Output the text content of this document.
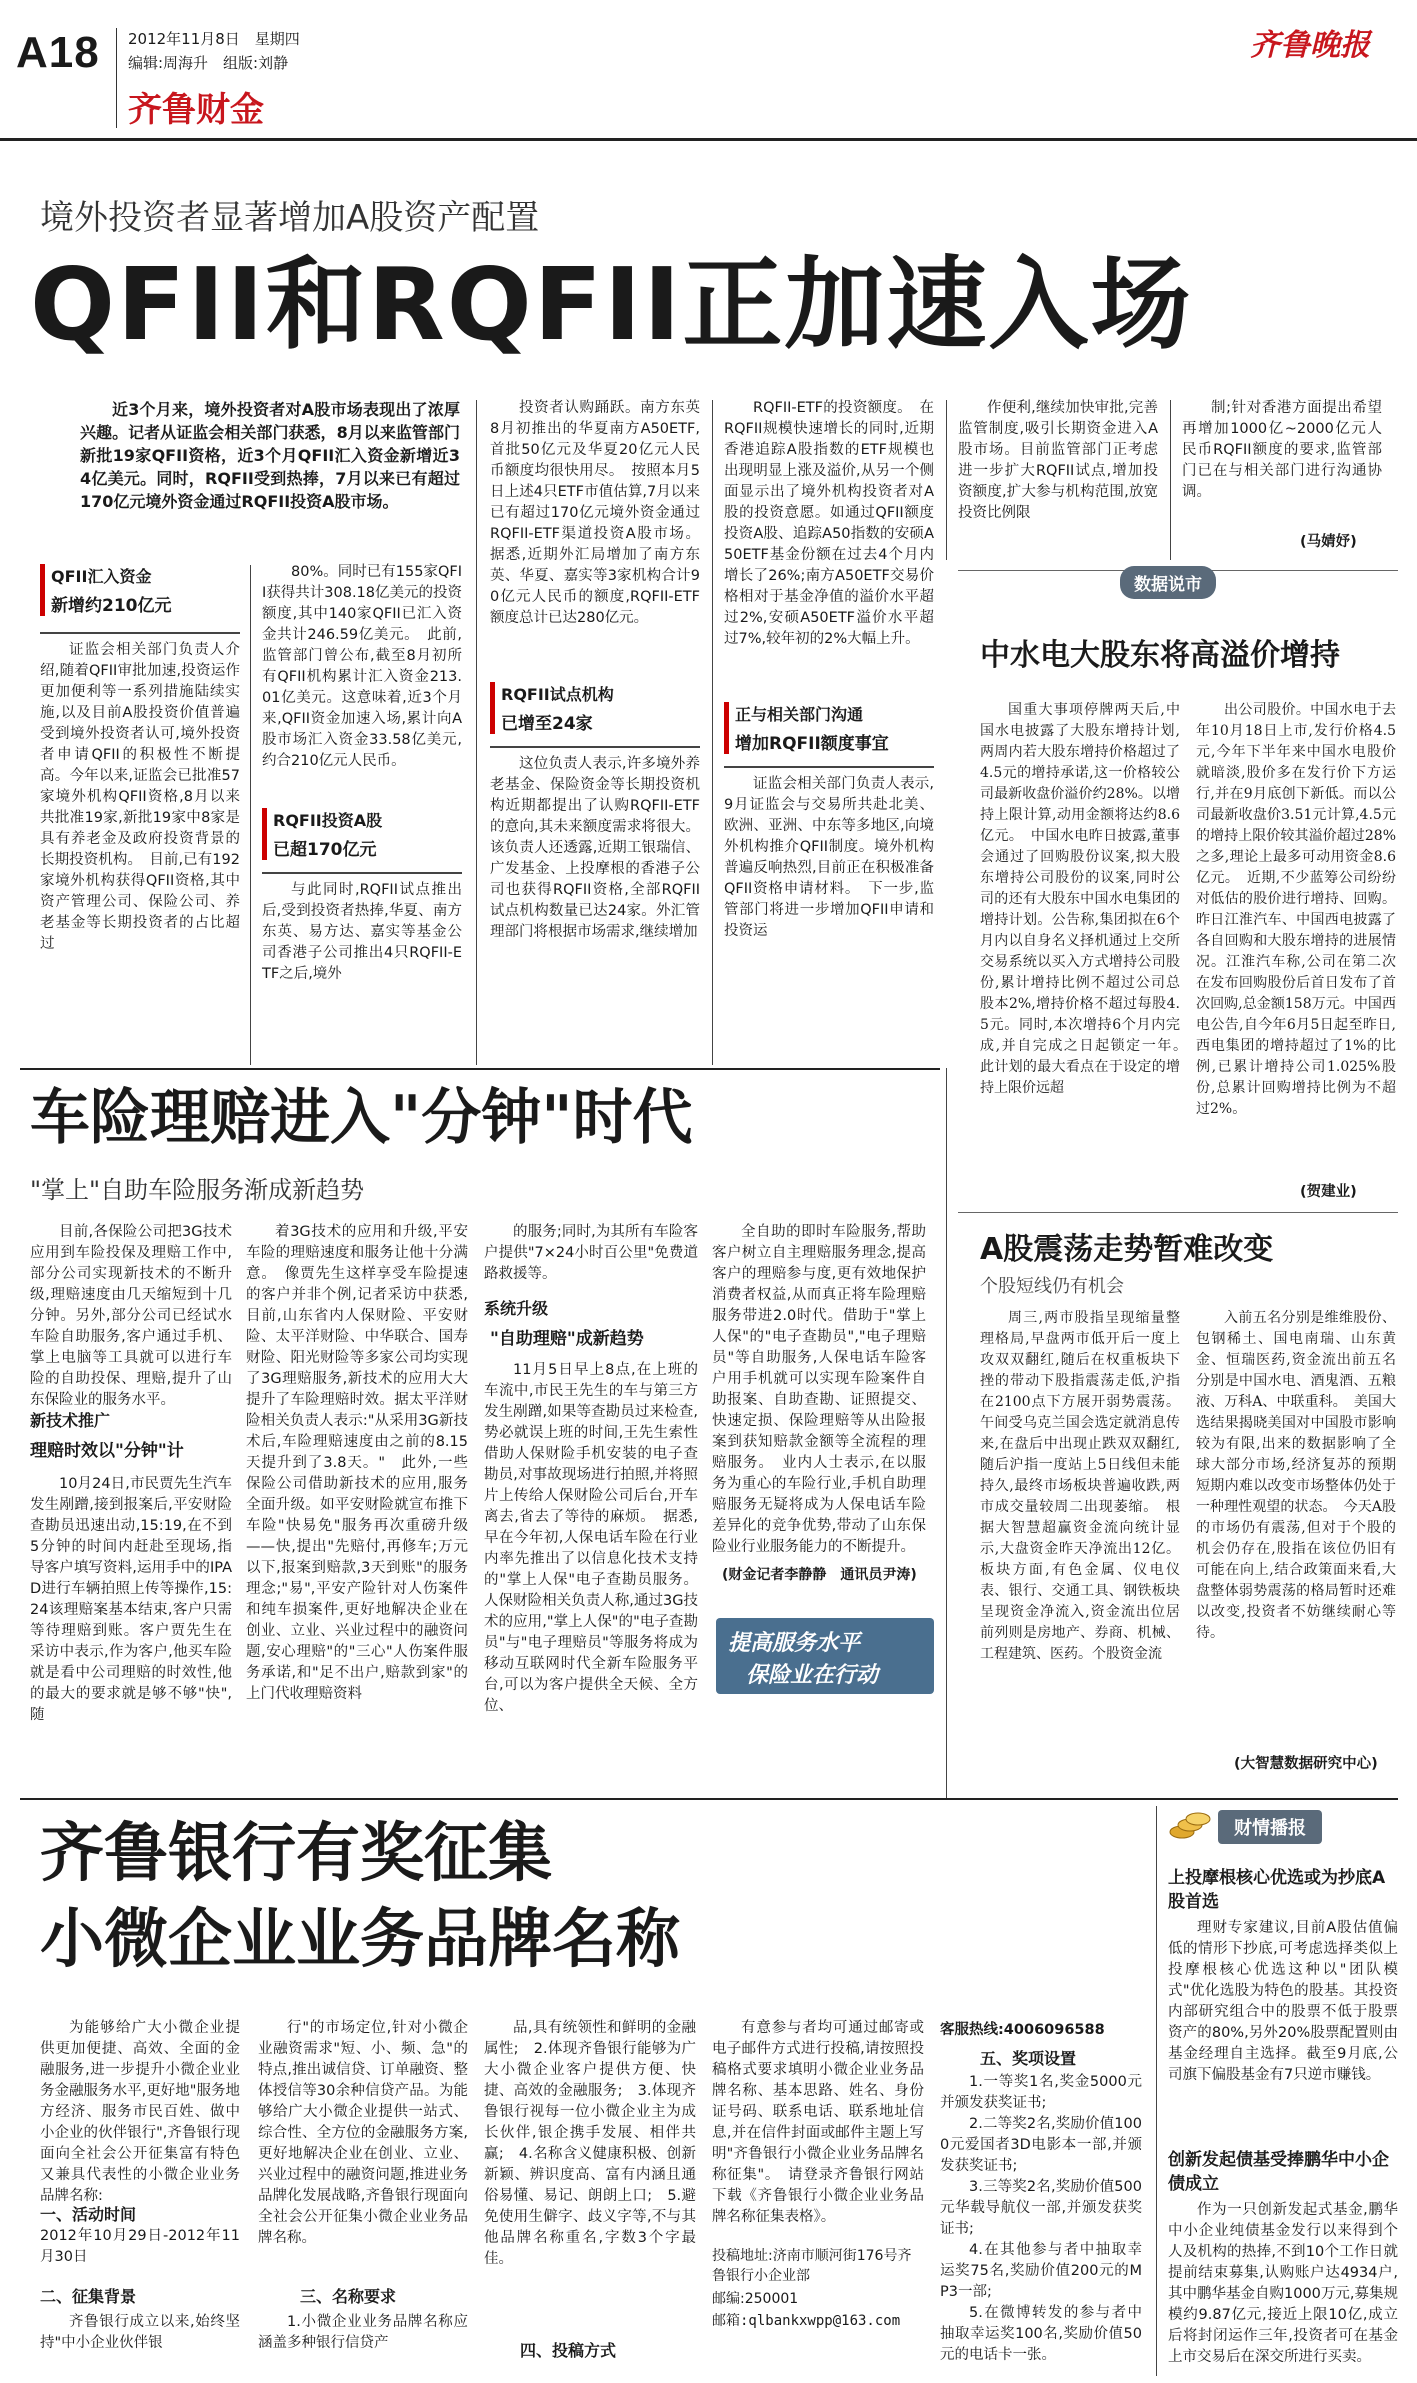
A18 2012年11月8日　星期四
编辑:周海升　组版:刘静
齐鲁财金
齐鲁晚报
境外投资者显著增加A股资产配置
QFII和RQFII正加速入场
近3个月来，境外投资者对A股市场表现出了浓厚兴趣。记者从证监会相关部门获悉，8月以来监管部门新批19家QFII资格，近3个月QFII汇入资金新增近34亿美元。同时，RQFII受到热捧，7月以来已有超过170亿元境外资金通过RQFII投资A股市场。
QFII汇入资金
新增约210亿元
证监会相关部门负责人介绍,随着QFII审批加速,投资运作更加便利等一系列措施陆续实施,以及目前A股投资价值普遍受到境外投资者认可,境外投资者申请QFII的积极性不断提高。今年以来,证监会已批准57家境外机构QFII资格,8月以来共批准19家,新批19家中8家是具有养老金及政府投资背景的长期投资机构。　目前,已有192家境外机构获得QFII资格,其中资产管理公司、保险公司、养老基金等长期投资者的占比超过
80%。同时已有155家QFII获得共计308.18亿美元的投资额度,其中140家QFII已汇入资金共计246.59亿美元。　此前,监管部门曾公布,截至8月初所有QFII机构累计汇入资金213.01亿美元。这意味着,近3个月来,QFII资金加速入场,累计向A股市场汇入资金33.58亿美元,约合210亿元人民币。
RQFII投资A股
已超170亿元
与此同时,RQFII试点推出后,受到投资者热捧,华夏、南方东英、易方达、嘉实等基金公司香港子公司推出4只RQFII-ETF之后,境外
投资者认购踊跃。南方东英8月初推出的华夏南方A50ETF,首批50亿元及华夏20亿元人民币额度均很快用尽。　按照本月5日上述4只ETF市值估算,7月以来已有超过170亿元境外资金通过RQFII-ETF渠道投资A股市场。据悉,近期外汇局增加了南方东英、华夏、嘉实等3家机构合计90亿元人民币的额度,RQFII-ETF额度总计已达280亿元。
RQFII试点机构
已增至24家
这位负责人表示,许多境外养老基金、保险资金等长期投资机构近期都提出了认购RQFII-ETF的意向,其未来额度需求将很大。该负责人还透露,近期工银瑞信、广发基金、上投摩根的香港子公司也获得RQFII资格,全部RQFII试点机构数量已达24家。外汇管理部门将根据市场需求,继续增加
RQFII-ETF的投资额度。　在RQFII规模快速增长的同时,近期香港追踪A股指数的ETF规模也出现明显上涨及溢价,从另一个侧面显示出了境外机构投资者对A股的投资意愿。如通过QFII额度投资A股、追踪A50指数的安硕A50ETF基金份额在过去4个月内增长了26%;南方A50ETF交易价格相对于基金净值的溢价水平超过2%,安硕A50ETF溢价水平超过7%,较年初的2%大幅上升。
正与相关部门沟通
增加RQFII额度事宜
证监会相关部门负责人表示,9月证监会与交易所共赴北美、欧洲、亚洲、中东等多地区,向境外机构推介QFII制度。境外机构普遍反响热烈,目前正在积极准备QFII资格申请材料。　下一步,监管部门将进一步增加QFII申请和投资运
作便利,继续加快审批,完善监管制度,吸引长期资金进入A股市场。目前监管部门正考虑进一步扩大RQFII试点,增加投资额度,扩大参与机构范围,放宽投资比例限
制;针对香港方面提出希望再增加1000亿~2000亿元人民币RQFII额度的要求,监管部门已在与相关部门进行沟通协调。
(马婧妤)
数据说市
中水电大股东将高溢价增持
国重大事项停牌两天后,中国水电披露了大股东增持计划,两周内若大股东增持价格超过了4.5元的增持承诺,这一价格较公司最新收盘价溢价约28%。以增持上限计算,动用金额将达约8.6亿元。　中国水电昨日披露,董事会通过了回购股份议案,拟大股东增持公司股份的议案,同时公司的还有大股东中国水电集团的增持计划。公告称,集团拟在6个月内以自身名义择机通过上交所交易系统以买入方式增持公司股份,累计增持比例不超过公司总股本2%,增持价格不超过每股4.5元。同时,本次增持6个月内完成,并自完成之日起锁定一年。　此计划的最大看点在于设定的增持上限价远超
出公司股价。中国水电于去年10月18日上市,发行价格4.5元,今年下半年来中国水电股价就暗淡,股价多在发行价下方运行,并在9月底创下新低。而以公司最新收盘价3.51元计算,4.5元的增持上限价较其溢价超过28%之多,理论上最多可动用资金8.6亿元。　近期,不少蓝筹公司纷纷对低估的股价进行增持、回购。昨日江淮汽车、中国西电披露了各自回购和大股东增持的进展情况。江淮汽车称,公司在第二次在发布回购股份后首日发布了首次回购,总金额158万元。中国西电公告,自今年6月5日起至昨日,西电集团的增持超过了1%的比例,已累计增持公司1.025%股份,总累计回购增持比例为不超过2%。
(贺建业)
车险理赔进入"分钟"时代
"掌上"自助车险服务渐成新趋势
目前,各保险公司把3G技术应用到车险投保及理赔工作中,部分公司实现新技术的不断升级,理赔速度由几天缩短到十几分钟。另外,部分公司已经试水车险自助服务,客户通过手机、掌上电脑等工具就可以进行车险的自助投保、理赔,提升了山东保险业的服务水平。
新技术推广
理赔时效以"分钟"计
10月24日,市民贾先生汽车发生剐蹭,接到报案后,平安财险查勘员迅速出动,15:19,在不到5分钟的时间内赶赴至现场,指导客户填写资料,运用手中的IPAD进行车辆拍照上传等操作,15:24该理赔案基本结束,客户只需等待理赔到账。客户贾先生在采访中表示,作为客户,他买车险就是看中公司理赔的时效性,他的最大的要求就是够不够"快",随
着3G技术的应用和升级,平安车险的理赔速度和服务让他十分满意。　像贾先生这样享受车险提速的客户并非个例,记者采访中获悉,目前,山东省内人保财险、平安财险、太平洋财险、中华联合、国寿财险、阳光财险等多家公司均实现了3G理赔服务,新技术的应用大大提升了车险理赔时效。据太平洋财险相关负责人表示:"从采用3G新技术后,车险理赔速度由之前的8.15天提升到了3.8天。"　此外,一些保险公司借助新技术的应用,服务全面升级。如平安财险就宣布推下车险"快易免"服务再次重磅升级——快,提出"先赔付,再修车;万元以下,报案到赔款,3天到账"的服务理念;"易",平安产险针对人伤案件和纯车损案件,更好地解决企业在创业、立业、兴业过程中的融资问题,安心理赔"的"三心"人伤案件服务承诺,和"足不出户,赔款到家"的上门代收理赔资料
的服务;同时,为其所有车险客户提供"7×24小时百公里"免费道路救援等。
系统升级
"自助理赔"成新趋势
11月5日早上8点,在上班的车流中,市民王先生的车与第三方发生剐蹭,如果等查勘员过来检查,势必就误上班的时间,王先生索性借助人保财险手机安装的电子查勘员,对事故现场进行拍照,并将照片上传给人保财险公司后台,开车离去,省去了等待的麻烦。　据悉,早在今年初,人保电话车险在行业内率先推出了以信息化技术支持的"掌上人保"电子查勘员服务。人保财险相关负责人称,通过3G技术的应用,"掌上人保"的"电子查勘员"与"电子理赔员"等服务将成为移动互联网时代全新车险服务平台,可以为客户提供全天候、全方位、
全自助的即时车险服务,帮助客户树立自主理赔服务理念,提高客户的理赔参与度,更有效地保护消费者权益,从而真正将车险理赔服务带进2.0时代。借助于"掌上人保"的"电子查勘员","电子理赔员"等自助服务,人保电话车险客户用手机就可以实现车险案件自助报案、自助查勘、证照提交、快速定损、保险理赔等从出险报案到获知赔款金额等全流程的理赔服务。　业内人士表示,在以服务为重心的车险行业,手机自助理赔服务无疑将成为人保电话车险差异化的竞争优势,带动了山东保险业行业服务能力的不断提升。
(财金记者李静静　通讯员尹涛)
提高服务水平
保险业在行动
A股震荡走势暂难改变
个股短线仍有机会
周三,两市股指呈现缩量整理格局,早盘两市低开后一度上攻双双翻红,随后在权重板块下挫的带动下股指震荡走低,沪指在2100点下方展开弱势震荡。午间受乌克兰国会选定就消息传来,在盘后中出现止跌双双翻红,随后沪指一度站上5日线但未能持久,最终市场板块普遍收跌,两市成交量较周二出现萎缩。　根据大智慧超赢资金流向统计显示,大盘资金昨天净流出12亿。板块方面,有色金属、仪电仪表、银行、交通工具、钢铁板块呈现资金净流入,资金流出位居前列则是房地产、券商、机械、工程建筑、医药。个股资金流
入前五名分别是维维股份、包钢稀土、国电南瑞、山东黄金、恒瑞医药,资金流出前五名分别是中国水电、酒鬼酒、五粮液、万科A、中联重科。　美国大选结果揭晓美国对中国股市影响较为有限,出来的数据影响了全球大部分市场,经济复苏的预期短期内难以改变市场整体仍处于一种理性观望的状态。　今天A股的市场仍有震荡,但对于个股的机会仍存在,股指在该位仍旧有可能在向上,结合政策面来看,大盘整体弱势震荡的格局暂时还难以改变,投资者不妨继续耐心等待。
(大智慧数据研究中心)
齐鲁银行有奖征集
小微企业业务品牌名称
为能够给广大小微企业提供更加便捷、高效、全面的金融服务,进一步提升小微企业业务金融服务水平,更好地"服务地方经济、服务市民百姓、做中小企业的伙伴银行",齐鲁银行现面向全社会公开征集富有特色又兼具代表性的小微企业业务品牌名称:
一、活动时间
2012年10月29日-2012年11月30日
二、征集背景
齐鲁银行成立以来,始终坚持"中小企业伙伴银
行"的市场定位,针对小微企业融资需求"短、小、频、急"的特点,推出诚信贷、订单融资、整体授信等30余种信贷产品。为能够给广大小微企业提供一站式、综合性、全方位的金融服务方案,更好地解决企业在创业、立业、兴业过程中的融资问题,推进业务品牌化发展战略,齐鲁银行现面向全社会公开征集小微企业业务品牌名称。
三、名称要求
1.小微企业业务品牌名称应涵盖多种银行信贷产
品,具有统领性和鲜明的金融属性;　2.体现齐鲁银行能够为广大小微企业客户提供方便、快捷、高效的金融服务;　3.体现齐鲁银行视每一位小微企业主为成长伙伴,银企携手发展、相伴共赢;　4.名称含义健康积极、创新新颖、辨识度高、富有内涵且通俗易懂、易记、朗朗上口;　5.避免使用生僻字、歧义字等,不与其他品牌名称重名,字数3个字最佳。
四、投稿方式
有意参与者均可通过邮寄或电子邮件方式进行投稿,请按照投稿格式要求填明小微企业业务品牌名称、基本思路、姓名、身份证号码、联系电话、联系地址信息,并在信件封面或邮件主题上写明"齐鲁银行小微企业业务品牌名称征集"。　请登录齐鲁银行网站下载《齐鲁银行小微企业业务品牌名称征集表格》。
投稿地址:济南市顺河街176号齐鲁银行小企业部
邮编:250001
邮箱:qlbankxwpp@163.com
客服热线:4006096588
五、奖项设置
1.一等奖1名,奖金5000元并颁发获奖证书;
2.二等奖2名,奖励价值1000元爱国者3D电影本一部,并颁发获奖证书;
3.三等奖2名,奖励价值500元华载导航仪一部,并颁发获奖证书;
4.在其他参与者中抽取幸运奖75名,奖励价值200元的MP3一部;
5.在微博转发的参与者中抽取幸运奖100名,奖励价值50元的电话卡一张。
财情播报
上投摩根核心优选或为抄底A股首选
理财专家建议,目前A股估值偏低的情形下抄底,可考虑选择类似上投摩根核心优选这种以"团队模式"优化选股为特色的股基。其投资内部研究组合中的股票不低于股票资产的80%,另外20%股票配置则由基金经理自主选择。截至9月底,公司旗下偏股基金有7只逆市赚钱。
创新发起债基受捧鹏华中小企债成立
作为一只创新发起式基金,鹏华中小企业纯债基金发行以来得到个人及机构的热捧,不到10个工作日就提前结束募集,认购账户达4934户,其中鹏华基金自购1000万元,募集规模约9.87亿元,接近上限10亿,成立后将封闭运作三年,投资者可在基金上市交易后在深交所进行买卖。
